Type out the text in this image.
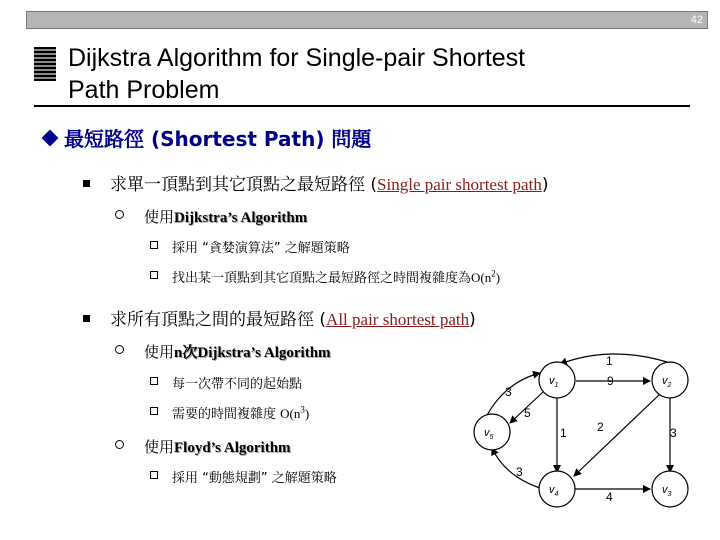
42
Dijkstra Algorithm for Single-pair Shortest
Path Problem
最短路徑 (Shortest Path) 問題
求單一頂點到其它頂點之最短路徑 (Single pair shortest path)
使用Dijkstra’s Algorithm
採用 “貪婪演算法” 之解題策略
找出某一頂點到其它頂點之最短路徑之時間複雜度為$O(n^2)$
求所有頂點之間的最短路徑 (All pair shortest path)
使用n次Dijkstra’s Algorithm
每一次帶不同的起始點
需要的時間複雜度 $O(n^3)$
使用Floyd’s Algorithm
採用 “動態規劃” 之解題策略
$v_1$	$v_2$
$v_3$
$v_4$
$v_5$
1
9
3
5
1	2	3
3
4
